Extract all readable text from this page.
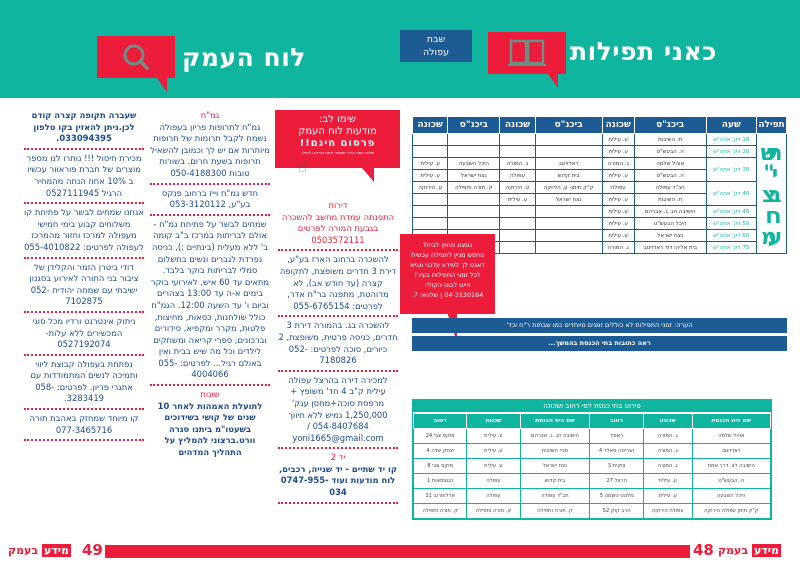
לוח העמק
שימו לב:
מודעות לוח העמק
פרסום חינם!!
שלחו נוסח ברור ומספר אחת וברורה לטייל.
☝
דירות
התפנתה עמדת מחשב להשכרה בגבעת המורה לפרטים 0503572111
להשכרה ברחוב הארז בע"ע, דירת 3 חדרים משופצת, לתקופה קצרה (עד חודש אב), לא מרוהטת, מתפנה בר"ח אדר, לפרטים: 055-6765154
להשכרה בג. בהמורה דירת 3 חדרים, כניסה פרטית, משופצת, 2 כיורים, סוכה לפרטים: 052-7180826
למכירה דירה בהרצל עפולה עילית ק"ב 4 חד' משופץ + מרפסת סוכה+מחסן ענק' 1,250,000 גמיש ללא תיווך 054-8407684 / yoni1665@gmail.com
יד 2
קו יד שתיים - יד שנייה, רכבים, לוח מודעות ועוד 0747-955-034
גמ"ח
גמ"ח לתרופות פריון בעפולה נשמח לקבל תרומות של תרופות מיותרות אם יש לך וכמובן להשאיל תרופות בשעת חרום. בשורות טובות 050-4188300
חדש גמ"ח וייז ברחוב פנקס בע"ע, 053-3120112
שמחים לבשר על פתיחת גמ"ח - אולם לבריתות במרכז ב"ב קומה ב' ללא מעלית (בינתיים :), כניסה נפרדת לגברים ונשים בתשלום סמלי לבריתות בוקר בלבד. מתאים עד 60 איש, לאירועי בוקר בימים א-ה עד 13:00 בצהרים וביום ו' עד השעה 12:00. הגמ"ח כולל שולחנות, כסאות, מחיצות, פלטות, מקרר ומקפיא, סידורים וברכונים, ספרי קריאה ומשחקים לילדים וכל מה שיש בבית ואין באולם רגיל... לפרטים: 055-4004066
שונות
לתועלת האמהות לאחר 10 שנים של קושי בשידוכים בשעטו"מ ביתנו סגרה וורט.ברצוני להמליץ על התהליך המדהים
שעברה תקופה קצרה קודם לכן.ניתן להאזין בקו טלפון 033094395.
מכירת חיסול !!! נותרו לנו מספר מוצרים של חברת פוראוור עכשיו ב 10% אחוז הנחה מהמחיר הרגיל 0527111945
אנחנו שמחים לבשר על פתיחת קו משלוחים קבוע בימי חמישי מעפולה למרכז וחזור מהמרכז לעפולה לפרטים: 055-4010822
דודי ביטרן הזמר והקלידן של ציבור בני התורה לאירוע בסגנון ישיבתי עם שמחה יהודית 052-7102875
ניתוק אינטרנט ורדיו מכל סוגי המכשירים ללא עלות- 0527192074
נפתחת בעפולה קבוצת ליווי ותמיכה לנשים המתמודדות עם אתגרי פריון. לפרטים: 058-3283419.
קו מיוחד שמחזק באהבת תורה 077-3465716
49
מידע בעמק
שבת
עפולה	כאני תפילות
תפילה	שעה	ביכנ"ס	שכונה	ביכנ"ס	שכונה	ביכנ"ס	שכונה
ערבית מוצ"ש	18 דק' אחה"ש	ת. השיבות	ע. עילית				
	20 דק' אחה"ש	ה. הבעש"ט	ע. עילית				
	30 דק' אחה"ש	אוהל שלמה	ג. המורה	ראדזינוב	ג. המורה	היכל השבעה	ע. עילית
		ה. הבעש"ט	ע. עילית	בית קדוש	עפולה	נצח ישראל	ע. עילית
	40 דק' אחה"ש	חב"ד עפולה	עפולה	ק"ק תימן- ע. הירוקה	ע. הירוקה	ק. תורה ותפילה	ע. הירוקה
		ת. השיבות	ע. עילית	נצח ישראל	ע. עילית		
	45 דק' אחה"ש	הישיבה הג. ג. אברהם	ע. עילית				
	50 דק' אחה"ש	היכל הבעש"ט	ע. עילית				
	60 דק' אחה"ש	נצח ישראל	ע. עילית				
	75 דק' אחה"ש	בית אליהו דוד ראדזינוב	ג. המורה				
נמצא מחוץ לבית?
מחפש מניין לתפילה עכשיו?
דאגנו לך למידע עדכני ונגיש
לכל זמני התפילות בעיר!
חייגו לבוט הקולי:
04-3130164 | שלוחה 7.
הערה: זמני התפילות לא כוללים זמנים מיוחדים כמו שבתות ר"ח וכד'
ראה כתובות בתי הכנסת בהמשך...
פירוט בתי כנסת לפי רחוב ושכונה
שם בית הכנסת	שכונה	רחוב	שם בית הכנסת	שכונה	רחוב
אוהל שלמה	ג. המורה	ראסל	הישיבה הג. ג. אברהם	ע. עילית	מוקס צבי 24
ראדזינוב	ג. המורה	הנריטה סאלד 4	תכיי השיבות	ע. עילית	יצחק שדה 4
הישיבה לצ. דרך אמת	ג. המורה	צוקית 3	נצח ישראל	ע. עילית	מוקס צבי 8
ה. הבעש"ט	ע. עילית	הרצל 27	בית קדוש	עפולה	העצמאות 1
היכל השבעה	ע. עילית	מלונט טשמה 5	חב"ד עפולה	עפולה	ארלוזורוב 31
ק"ק תימן עפולה הירוקה	עפולה הירוקה	הרב קוק 52	ק. תורה ותפילה	ק. תורה ותפילה	ק. תורה ותפילה
48	מידע בעמק
